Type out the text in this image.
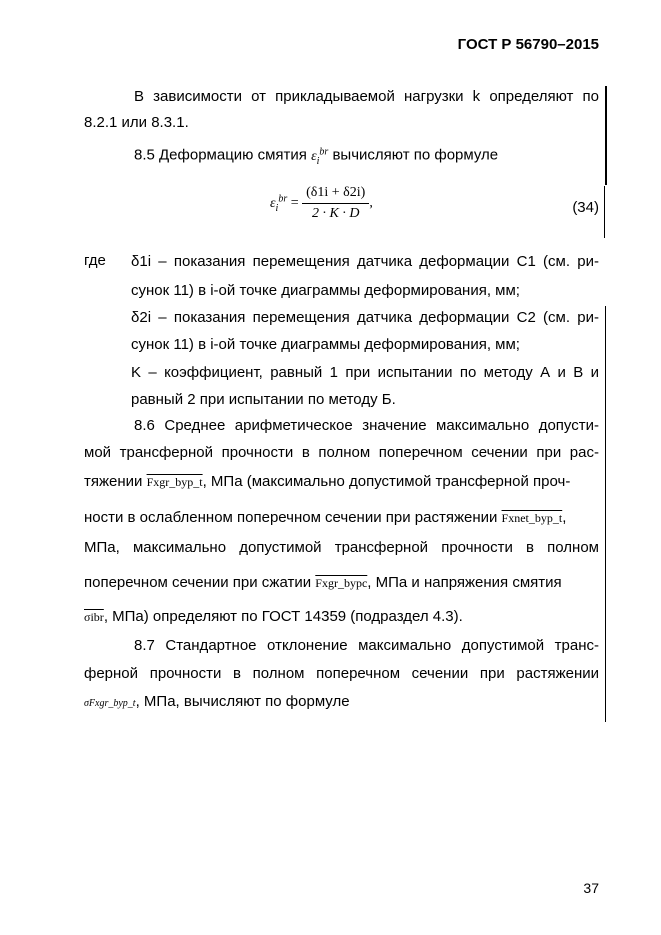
ГОСТ Р 56790–2015
В зависимости от прикладываемой нагрузки k определяют по
8.2.1 или 8.3.1.
8.5 Деформацию смятия $\varepsilon_i^{br}$ вычисляют по формуле
$\varepsilon_i^{br} = \frac{(\delta 1i + \delta 2i)}{2 \cdot K \cdot D}$ ,	(34)
где δ1i – показания перемещения датчика деформации С1 (см. ри-
сунок 11) в i-ой точке диаграммы деформирования, мм;
δ2i – показания перемещения датчика деформации С2 (см. ри-
сунок 11) в i-ой точке диаграммы деформирования, мм;
K – коэффициент, равный 1 при испытании по методу А и В и
равный 2 при испытании по методу Б.
8.6 Среднее арифметическое значение максимально допусти-
мой трансферной прочности в полном поперечном сечении при рас-
тяжении Fxgr_byp_t, МПа (максимально допустимой трансферной проч-
ности в ослабленном поперечном сечении при растяжении Fxnet_byp_t,
МПа, максимально допустимой трансферной прочности в полном
поперечном сечении при сжатии Fxgr_bypc, МПа и напряжения смятия
σibr, МПа) определяют по ГОСТ 14359 (подраздел 4.3).
8.7 Стандартное отклонение максимально допустимой транс-
ферной прочности в полном поперечном сечении при растяжении
σFxgr_byp_t, МПа, вычисляют по формуле
37
